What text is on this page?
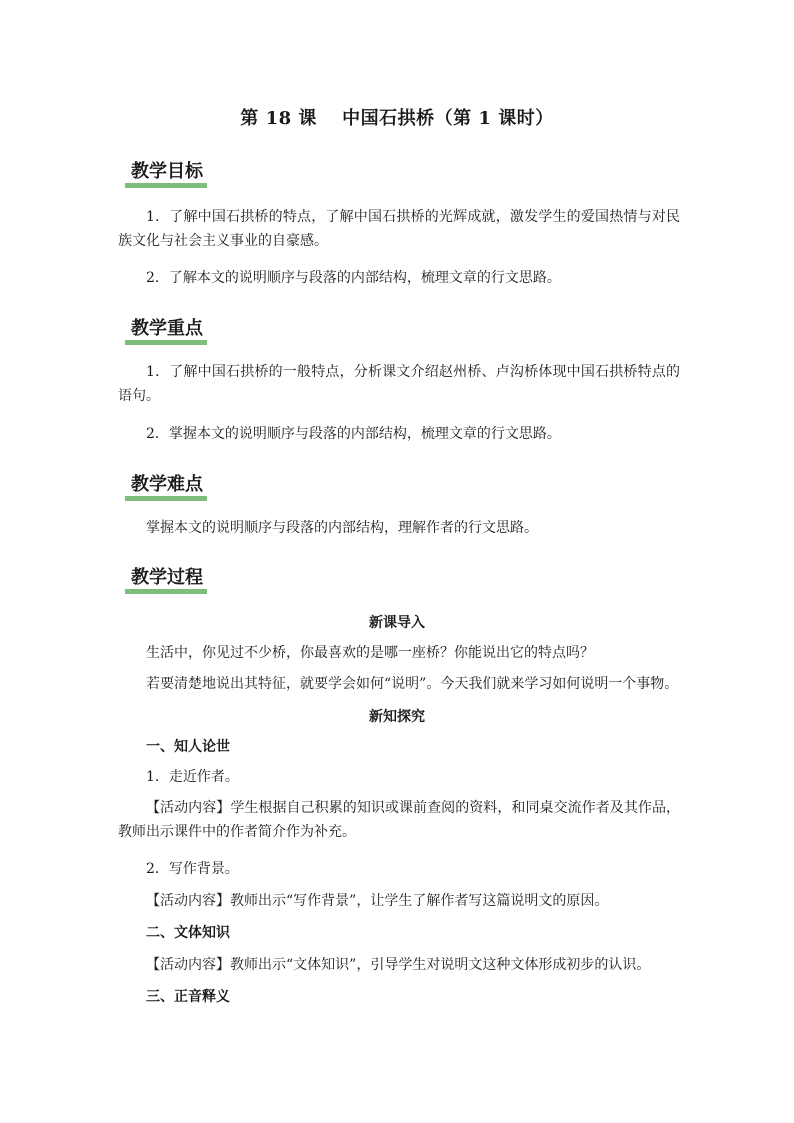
第 18 课　 中国石拱桥（第 1 课时）
教学目标
1．了解中国石拱桥的特点，了解中国石拱桥的光辉成就，激发学生的爱国热情与对民族文化与社会主义事业的自豪感。
2．了解本文的说明顺序与段落的内部结构，梳理文章的行文思路。
教学重点
1．了解中国石拱桥的一般特点，分析课文介绍赵州桥、卢沟桥体现中国石拱桥特点的语句。
2．掌握本文的说明顺序与段落的内部结构，梳理文章的行文思路。
教学难点
掌握本文的说明顺序与段落的内部结构，理解作者的行文思路。
教学过程
新课导入
生活中，你见过不少桥，你最喜欢的是哪一座桥？你能说出它的特点吗？
若要清楚地说出其特征，就要学会如何“说明”。今天我们就来学习如何说明一个事物。
新知探究
一、知人论世
1．走近作者。
【活动内容】学生根据自己积累的知识或课前查阅的资料，和同桌交流作者及其作品，教师出示课件中的作者简介作为补充。
2．写作背景。
【活动内容】教师出示“写作背景”，让学生了解作者写这篇说明文的原因。
二、文体知识
【活动内容】教师出示“文体知识”，引导学生对说明文这种文体形成初步的认识。
三、正音释义
